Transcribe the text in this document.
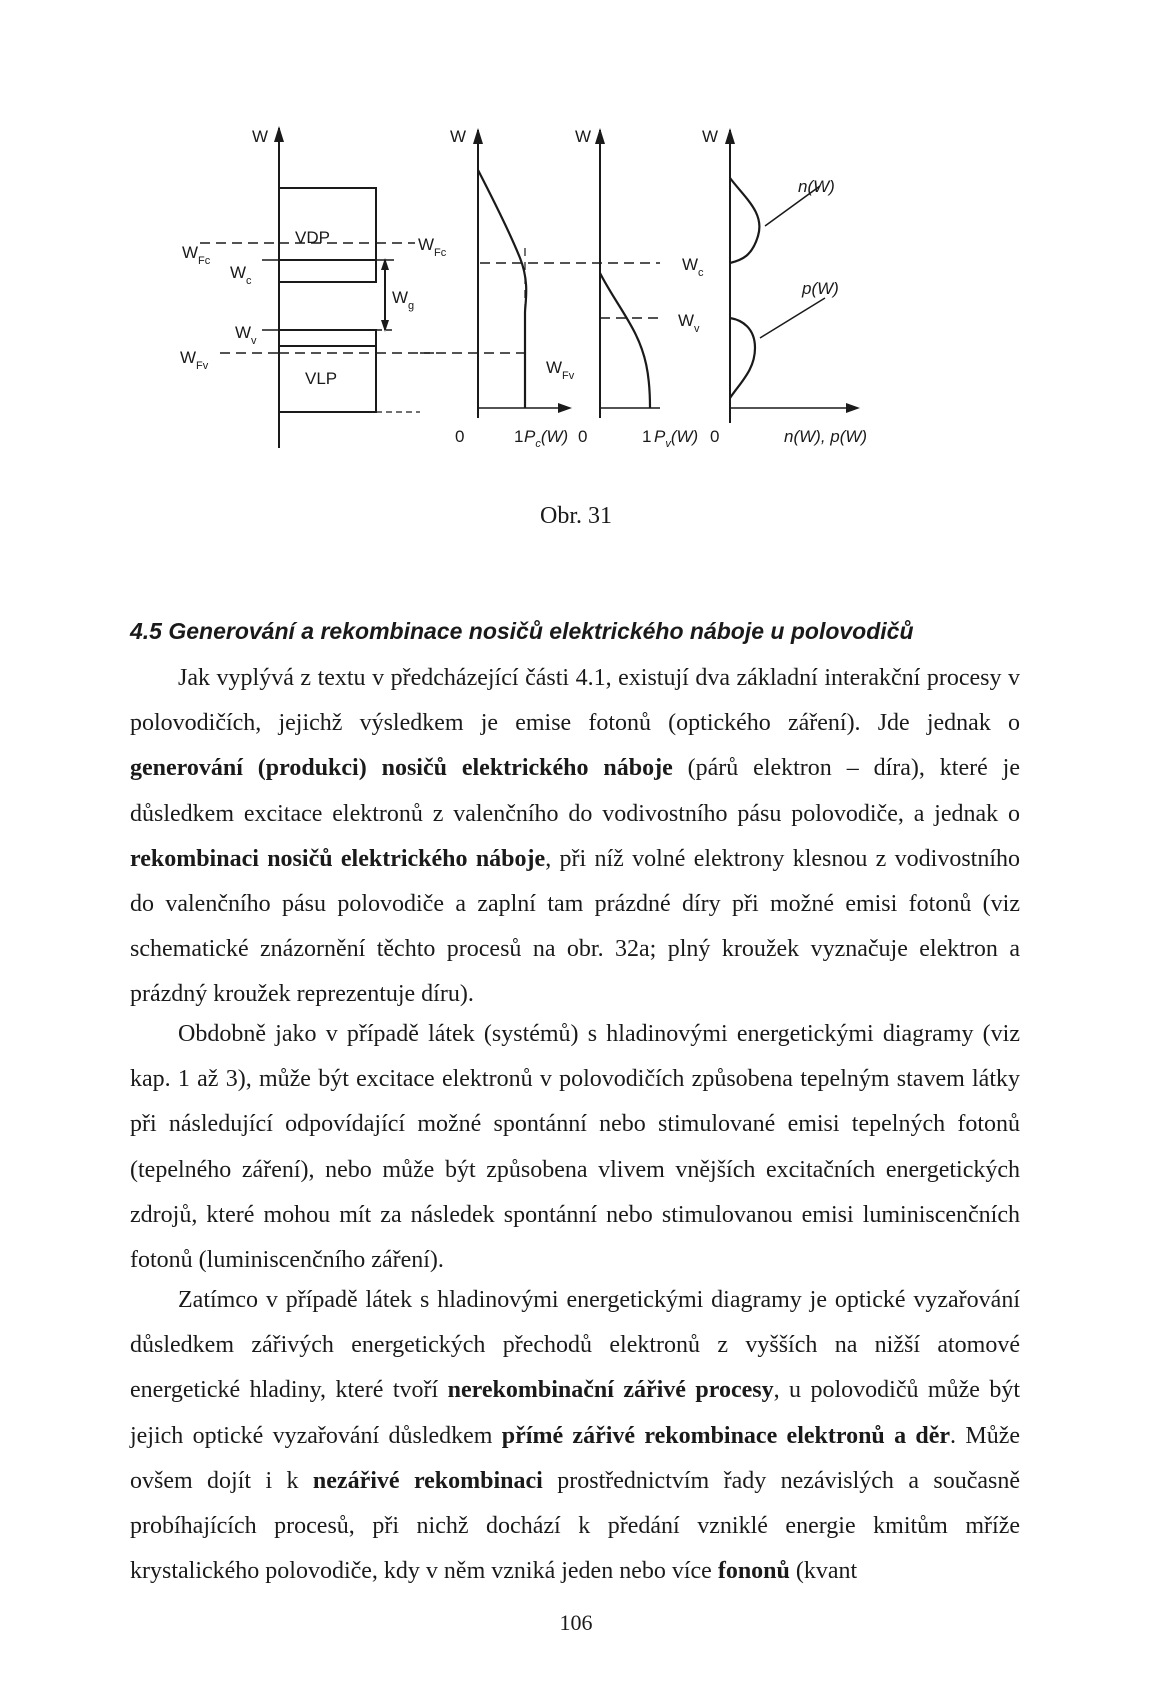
W
$W_{Fc}$
$W_c$
$W_v$
$W_{Fv}$
VDP
VLP
$W_g$
$W_{Fc}$
W
$W_{Fv}$
0	1 $P_c(W)$
W
$W_c$
$W_v$
0	1 $P_v(W)$
W
n(W)
p(W)
0	n(W), p(W)
Obr. 31
4.5 Generování a rekombinace nosičů elektrického náboje u polovodičů

Jak vyplývá z textu v předcházející části 4.1, existují dva základní interakční procesy v polovodičích, jejichž výsledkem je emise fotonů (optického záření). Jde jednak o generování (produkci) nosičů elektrického náboje (párů elektron – díra), které je důsledkem excitace elektronů z valenčního do vodivostního pásu polovodiče, a jednak o rekombinaci nosičů elektrického náboje, při níž volné elektrony klesnou z vodivostního do valenčního pásu polovodiče a zaplní tam prázdné díry při možné emisi fotonů (viz schematické znázornění těchto procesů na obr. 32a; plný kroužek vyznačuje elektron a prázdný kroužek reprezentuje díru).

Obdobně jako v případě látek (systémů) s hladinovými energetickými diagramy (viz kap. 1 až 3), může být excitace elektronů v polovodičích způsobena tepelným stavem látky při následující odpovídající možné spontánní nebo stimulované emisi tepelných fotonů (tepelného záření), nebo může být způsobena vlivem vnějších excitačních energetických zdrojů, které mohou mít za následek spontánní nebo stimulovanou emisi luminiscenčních fotonů (luminiscenčního záření).

Zatímco v případě látek s hladinovými energetickými diagramy je optické vyzařování důsledkem zářivých energetických přechodů elektronů z vyšších na nižší atomové energetické hladiny, které tvoří nerekombinační zářivé procesy, u polovodičů může být jejich optické vyzařování důsledkem přímé zářivé rekombinace elektronů a děr. Může ovšem dojít i k nezářivé rekombinaci prostřednictvím řady nezávislých a současně probíhajících procesů, při nichž dochází k předání vzniklé energie kmitům mříže krystalického polovodiče, kdy v něm vzniká jeden nebo více fononů (kvant

106
